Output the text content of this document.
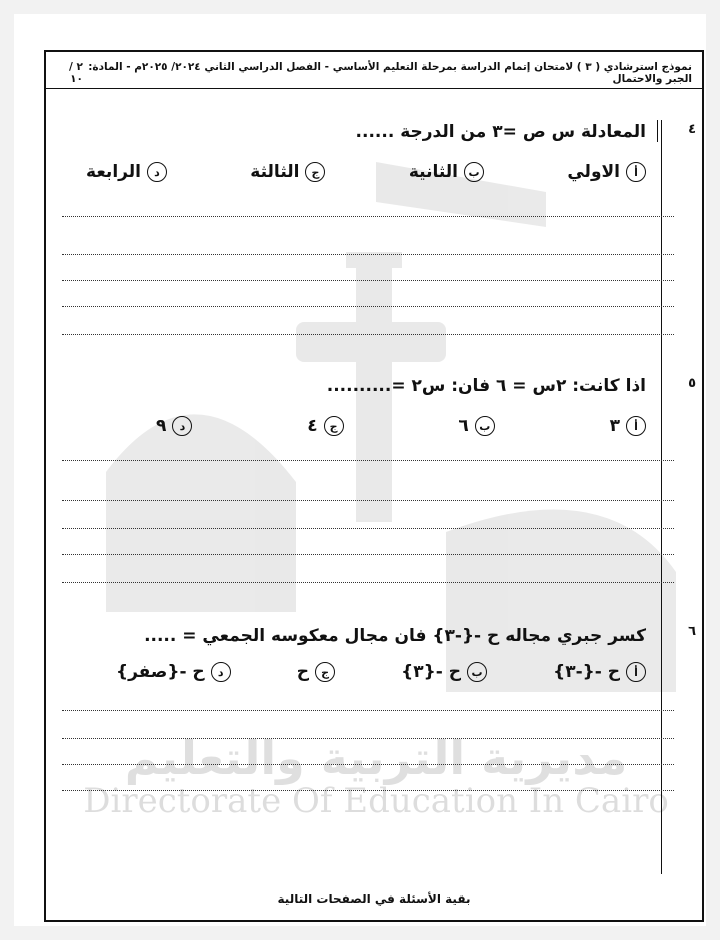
مديرية التربية والتعليم
Directorate Of Education In Cairo
نموذج استرشادي ( ٣ ) لامتحان إتمام الدراسة بمرحلة التعليم الأساسي - الفصل الدراسي الثاني ٢٠٢٤/ ٢٠٢٥م - المادة: الجبر والاحتمال
٢ / ١٠
٤
المعادلة س ص =٣ من الدرجة ......
أ
الاولي
ب
الثانية
ج
الثالثة
د
الرابعة
٥
اذا كانت: ٢س = ٦ فان: س٢ =..........
أ
٣
ب
٦
ج
٤
د
٩
٦
كسر جبري مجاله ح -{-٣} فان مجال معكوسه الجمعي = .....
أ
ح -{-٣}
ب
ح -{٣}
ج
ح
د
ح -{صفر}
بقية الأسئلة في الصفحات التالية
